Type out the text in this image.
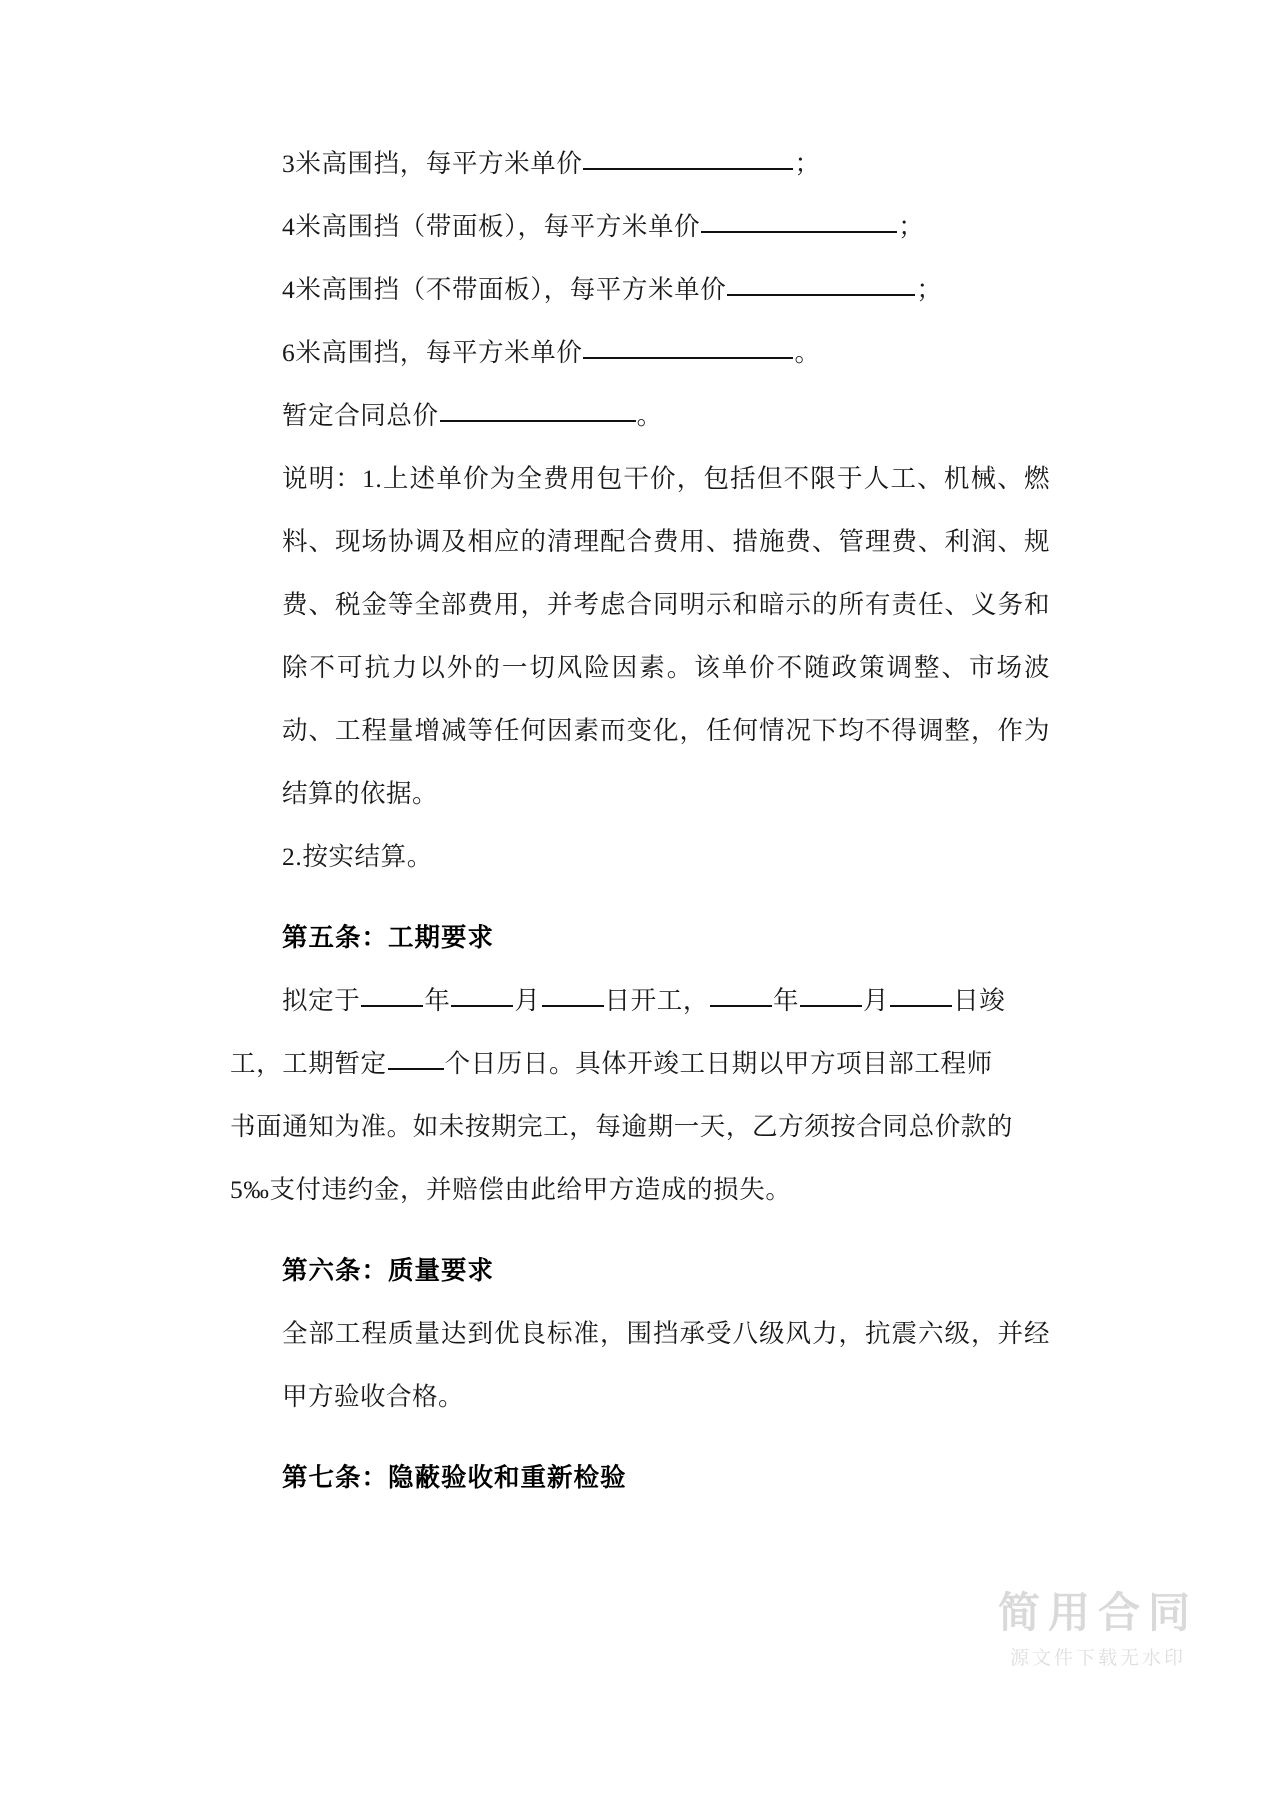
3米高围挡，每平方米单价	；
4米高围挡（带面板），每平方米单价	；
4米高围挡（不带面板），每平方米单价	；
6米高围挡，每平方米单价	。
暂定合同总价	。

说明：1.上述单价为全费用包干价，包括但不限于人工、机械、燃料、现场协调及相应的清理配合费用、措施费、管理费、利润、规费、税金等全部费用，并考虑合同明示和暗示的所有责任、义务和除不可抗力以外的一切风险因素。该单价不随政策调整、市场波动、工程量增减等任何因素而变化，任何情况下均不得调整，作为结算的依据。

2.按实结算。
第五条：工期要求
拟定于	年	月	日开工，	年	月	日竣
工，工期暂定 个日历日。具体开竣工日期以甲方项目部工程师
书面通知为准。如未按期完工，每逾期一天，乙方须按合同总价款的
5‰支付违约金，并赔偿由此给甲方造成的损失。
第六条：质量要求

全部工程质量达到优良标准，围挡承受八级风力，抗震六级，并经甲方验收合格。

第七条：隐蔽验收和重新检验
简用合同
源文件下载无水印
